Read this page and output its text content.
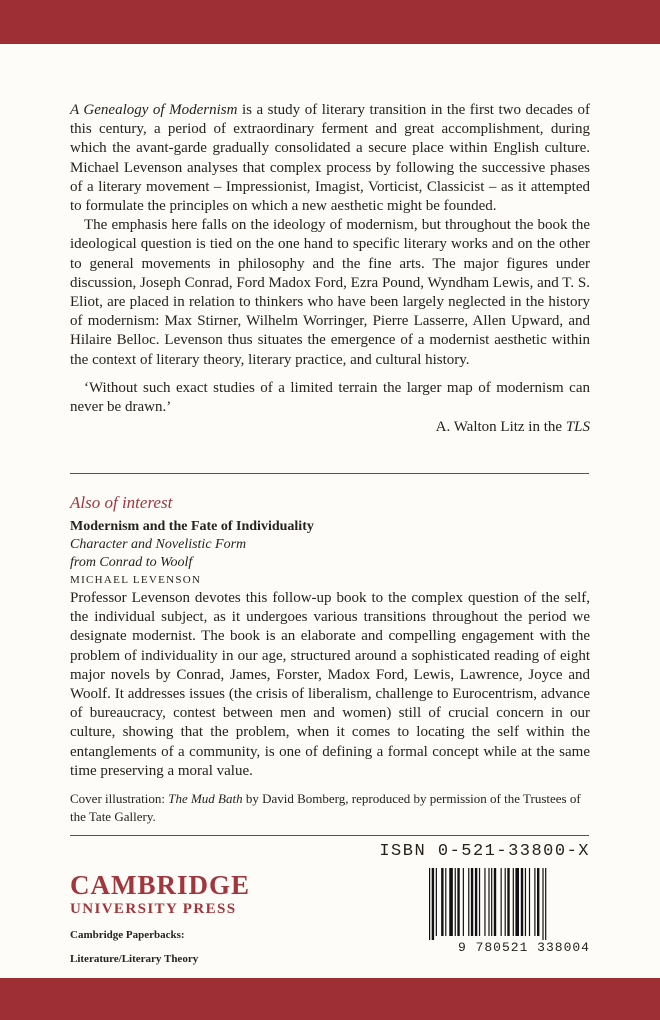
A Genealogy of Modernism is a study of literary transition in the first two decades of this century, a period of extraordinary ferment and great accomplishment, during which the avant-garde gradually consolidated a secure place within English culture. Michael Levenson analyses that complex process by following the successive phases of a literary movement – Impressionist, Imagist, Vorticist, Classicist – as it attempted to formulate the principles on which a new aesthetic might be founded.

The emphasis here falls on the ideology of modernism, but throughout the book the ideological question is tied on the one hand to specific literary works and on the other to general movements in philosophy and the fine arts. The major figures under discussion, Joseph Conrad, Ford Madox Ford, Ezra Pound, Wyndham Lewis, and T. S. Eliot, are placed in relation to thinkers who have been largely neglected in the history of modernism: Max Stirner, Wilhelm Worringer, Pierre Lasserre, Allen Upward, and Hilaire Belloc. Levenson thus situates the emergence of a modernist aesthetic within the context of literary theory, literary practice, and cultural history.

‘Without such exact studies of a limited terrain the larger map of modernism can never be drawn.’

A. Walton Litz in the TLS

Also of interest

Modernism and the Fate of Individuality

Character and Novelistic Form

from Conrad to Woolf

MICHAEL LEVENSON

Professor Levenson devotes this follow-up book to the complex question of the self, the individual subject, as it undergoes various transitions throughout the period we designate modernist. The book is an elaborate and compelling engagement with the problem of individuality in our age, structured around a sophisticated reading of eight major novels by Conrad, James, Forster, Madox Ford, Lewis, Lawrence, Joyce and Woolf. It addresses issues (the crisis of liberalism, challenge to Eurocentrism, advance of bureaucracy, contest between men and women) still of crucial concern in our culture, showing that the problem, when it comes to locating the self within the entanglements of a community, is one of defining a formal concept while at the same time preserving a moral value.

Cover illustration: The Mud Bath by David Bomberg, reproduced by permission of the Trustees of the Tate Gallery.

CAMBRIDGE
UNIVERSITY PRESS
Cambridge Paperbacks:
Literature/Literary Theory
ISBN 0-521-33800-X
9 780521 338004
